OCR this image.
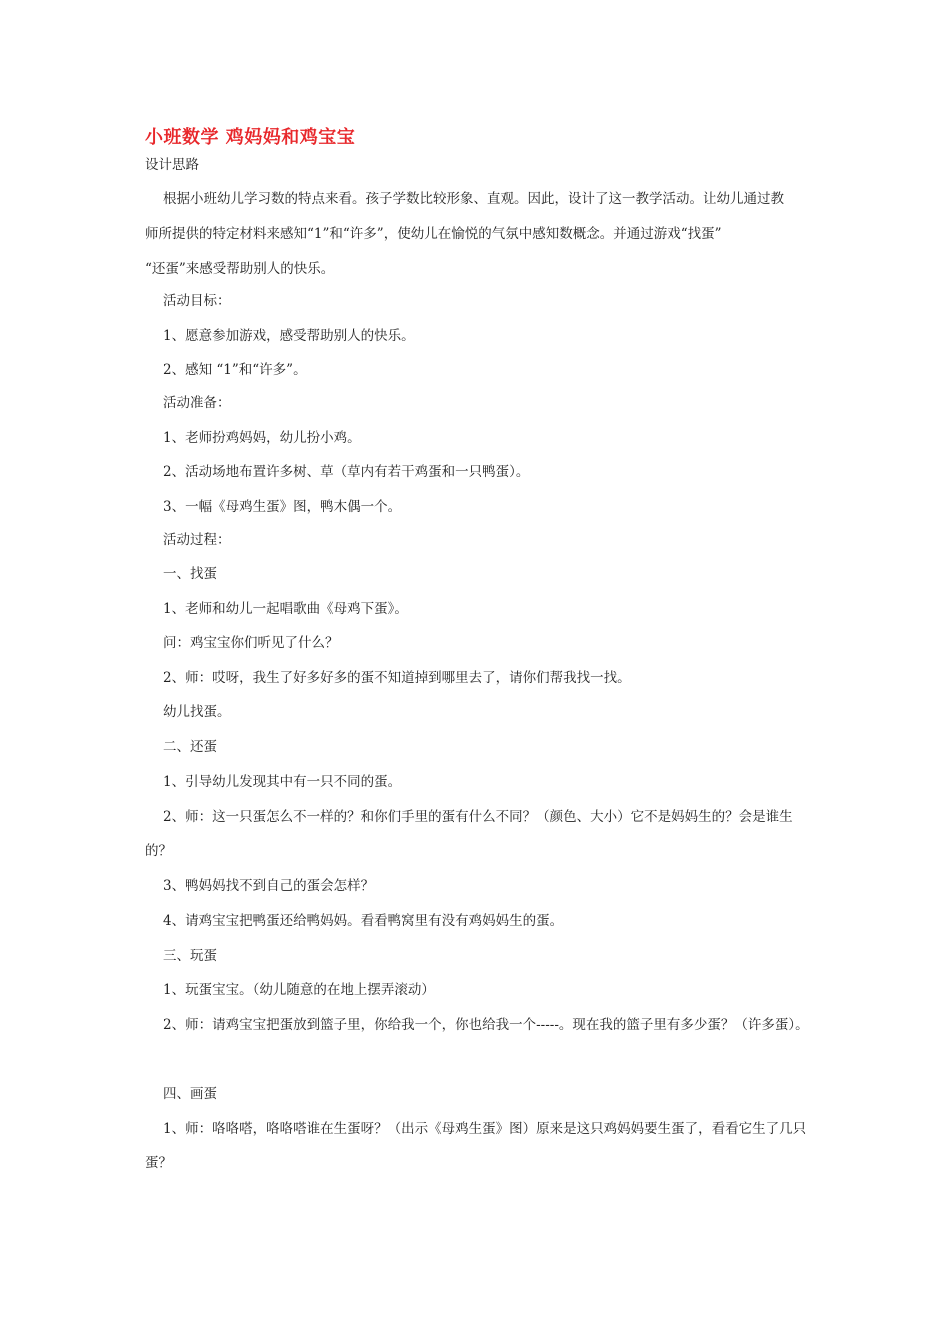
小班数学 鸡妈妈和鸡宝宝
设计思路
根据小班幼儿学习数的特点来看。孩子学数比较形象、直观。因此，设计了这一教学活动。让幼儿通过教
师所提供的特定材料来感知“1”和“许多”，使幼儿在愉悦的气氛中感知数概念。并通过游戏“找蛋”
“还蛋”来感受帮助别人的快乐。
活动目标：
1、愿意参加游戏，感受帮助别人的快乐。
2、感知 “1”和“许多”。
活动准备：
1、老师扮鸡妈妈，幼儿扮小鸡。
2、活动场地布置许多树、草（草内有若干鸡蛋和一只鸭蛋）。
3、一幅《母鸡生蛋》图，鸭木偶一个。
活动过程：
一、找蛋
1、老师和幼儿一起唱歌曲《母鸡下蛋》。
问：鸡宝宝你们听见了什么？
2、师：哎呀，我生了好多好多的蛋不知道掉到哪里去了，请你们帮我找一找。
幼儿找蛋。
二、还蛋
1、引导幼儿发现其中有一只不同的蛋。
2、师：这一只蛋怎么不一样的？和你们手里的蛋有什么不同？（颜色、大小）它不是妈妈生的？会是谁生
的？
3、鸭妈妈找不到自己的蛋会怎样？
4、请鸡宝宝把鸭蛋还给鸭妈妈。看看鸭窝里有没有鸡妈妈生的蛋。
三、玩蛋
1、玩蛋宝宝。（幼儿随意的在地上摆弄滚动）
2、师：请鸡宝宝把蛋放到篮子里，你给我一个，你也给我一个-----。现在我的篮子里有多少蛋？（许多蛋）。
四、画蛋
1、师：咯咯嗒，咯咯嗒谁在生蛋呀？（出示《母鸡生蛋》图）原来是这只鸡妈妈要生蛋了，看看它生了几只
蛋？
